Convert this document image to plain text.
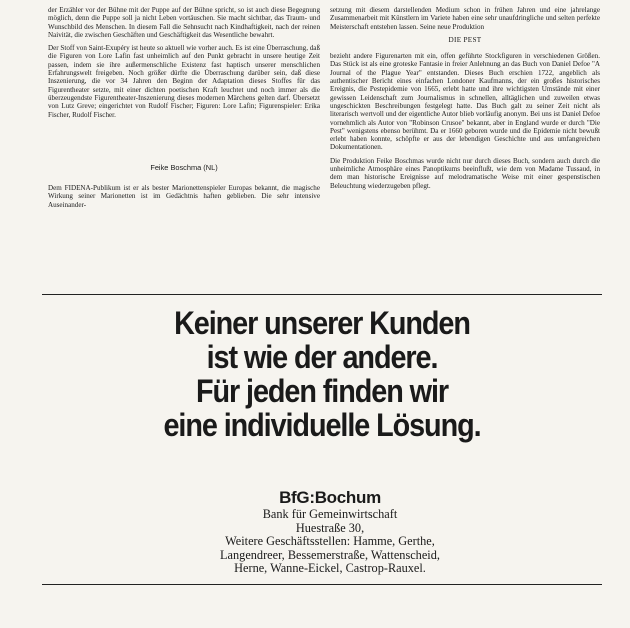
der Erzähler vor der Bühne mit der Puppe auf der Bühne spricht, so ist auch diese Begegnung möglich, denn die Puppe soll ja nicht Leben vortäuschen. Sie macht sichtbar, das Traum- und Wunschbild des Menschen. In diesem Fall die Sehnsucht nach Kindhaftigkeit, nach der reinen Naivität, die zwischen Geschäften und Geschäftigkeit das Wesentliche bewahrt.

Der Stoff von Saint-Exupéry ist heute so aktuell wie vorher auch. Es ist eine Überraschung, daß die Figuren von Lore Lafin fast unheimlich auf den Punkt gebracht in unsere heutige Zeit passen, indem sie ihre außermenschliche Existenz fast haptisch unserer menschlichen Erfahrungswelt freigeben. Noch größer dürfte die Überraschung darüber sein, daß diese Inszenierung, die vor 34 Jahren den Beginn der Adaptation dieses Stoffes für das Figurentheater setzte, mit einer dichten poetischen Kraft leuchtet und noch immer als die überzeugendste Figurentheater-Inszenierung dieses modernen Märchens gelten darf. Übersetzt von Lutz Greve; eingerichtet von Rudolf Fischer; Figuren: Lore Lafin; Figurenspieler: Erika Fischer, Rudolf Fischer.

Feike Boschma (NL)

Dem FIDENA-Publikum ist er als bester Marionettenspieler Europas bekannt, die magische Wirkung seiner Marionetten ist im Gedächtnis haften geblieben. Die sehr intensive Auseinander-

setzung mit diesem darstellenden Medium schon in frühen Jahren und eine jahrelange Zusammenarbeit mit Künstlern im Variete haben eine sehr unaufdringliche und selten perfekte Meisterschaft entstehen lassen. Seine neue Produktion

DIE PEST

bezieht andere Figurenarten mit ein, offen geführte Stockfiguren in verschiedenen Größen. Das Stück ist als eine groteske Fantasie in freier Anlehnung an das Buch von Daniel Defoe "A Journal of the Plague Year" entstanden. Dieses Buch erschien 1722, angeblich als authentischer Bericht eines einfachen Londoner Kaufmanns, der ein großes historisches Ereignis, die Pestepidemie von 1665, erlebt hatte und ihre wichtigsten Umstände mit einer gewissen Leidenschaft zum Journalismus in schnellen, alltäglichen und zuweilen etwas ungeschickten Beschreibungen festgelegt hatte. Das Buch galt zu seiner Zeit nicht als literarisch wertvoll und der eigentliche Autor blieb vorläufig anonym. Bei uns ist Daniel Defoe vornehmlich als Autor von "Robinson Crusoe" bekannt, aber in England wurde er durch "Die Pest" wenigstens ebenso berühmt. Da er 1660 geboren wurde und die Epidemie nicht bewußt erlebt haben konnte, schöpfte er aus der lebendigen Geschichte und aus umfangreichen Dokumentationen.

Die Produktion Feike Boschmas wurde nicht nur durch dieses Buch, sondern auch durch die unheimliche Atmosphäre eines Panoptikums beeinflußt, wie dem von Madame Tussaud, in dem man historische Ereignisse auf melodramatische Weise mit einer gespenstischen Beleuchtung wiederzugeben pflegt.

Keiner unserer Kunden
ist wie der andere.
Für jeden finden wir
eine individuelle Lösung.
BfG:Bochum
Bank für Gemeinwirtschaft
Huestraße 30,
Weitere Geschäftsstellen: Hamme, Gerthe,
Langendreer, Bessemerstraße, Wattenscheid,
Herne, Wanne-Eickel, Castrop-Rauxel.
